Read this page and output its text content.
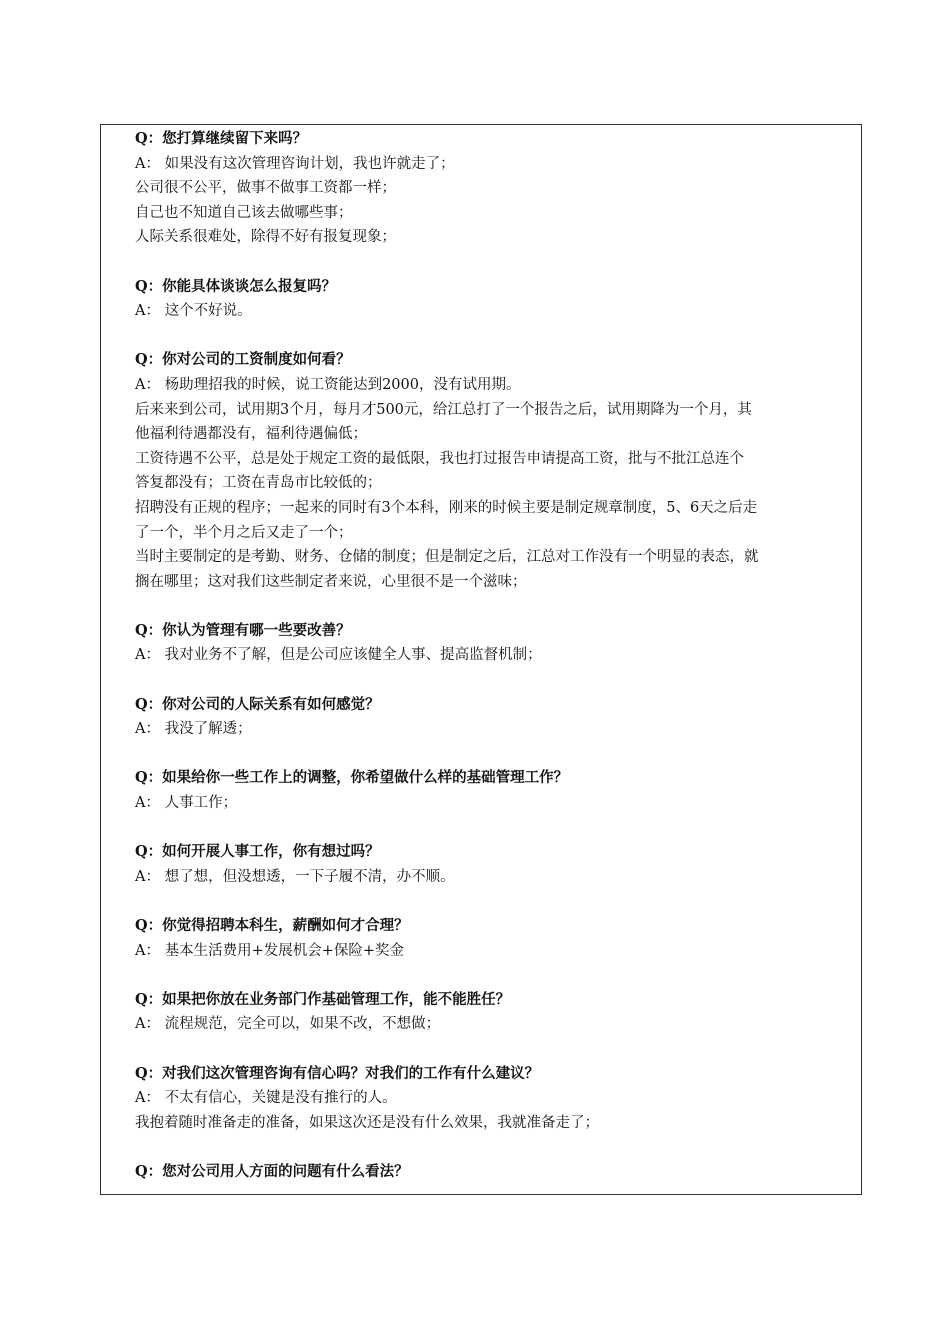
Q：您打算继续留下来吗？
A： 如果没有这次管理咨询计划，我也许就走了；
公司很不公平，做事不做事工资都一样；
自己也不知道自己该去做哪些事；
人际关系很难处，除得不好有报复现象；
Q：你能具体谈谈怎么报复吗？
A： 这个不好说。
Q：你对公司的工资制度如何看？
A： 杨助理招我的时候，说工资能达到2000，没有试用期。
后来来到公司，试用期3个月，每月才500元，给江总打了一个报告之后，试用期降为一个月，其
他福利待遇都没有，福利待遇偏低；
工资待遇不公平，总是处于规定工资的最低限，我也打过报告申请提高工资，批与不批江总连个
答复都没有；工资在青岛市比较低的；
招聘没有正规的程序；一起来的同时有3个本科，刚来的时候主要是制定规章制度，5、6天之后走
了一个，半个月之后又走了一个；
当时主要制定的是考勤、财务、仓储的制度；但是制定之后，江总对工作没有一个明显的表态，就
搁在哪里；这对我们这些制定者来说，心里很不是一个滋味；
Q：你认为管理有哪一些要改善？
A： 我对业务不了解，但是公司应该健全人事、提高监督机制；
Q：你对公司的人际关系有如何感觉？
A： 我没了解透；
Q：如果给你一些工作上的调整，你希望做什么样的基础管理工作？
A： 人事工作；
Q：如何开展人事工作，你有想过吗？
A： 想了想，但没想透，一下子履不清，办不顺。
Q：你觉得招聘本科生，薪酬如何才合理？
A： 基本生活费用+发展机会+保险+奖金
Q：如果把你放在业务部门作基础管理工作，能不能胜任？
A： 流程规范，完全可以，如果不改，不想做；
Q：对我们这次管理咨询有信心吗？对我们的工作有什么建议？
A： 不太有信心，关键是没有推行的人。
我抱着随时准备走的准备，如果这次还是没有什么效果，我就准备走了；
Q：您对公司用人方面的问题有什么看法？
